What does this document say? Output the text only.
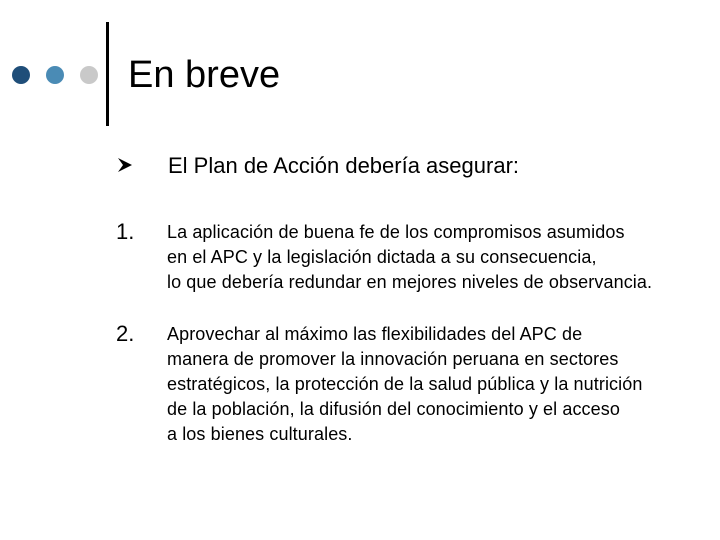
En breve
El Plan de Acción debería asegurar:
1. La aplicación de buena fe de los compromisos asumidos
en el APC y la legislación dictada a su consecuencia,
lo que debería redundar en mejores niveles de observancia.
2. Aprovechar al máximo las flexibilidades del APC de
manera de promover la innovación peruana en sectores
estratégicos, la protección de la salud pública y la nutrición
de la población, la difusión del conocimiento y el acceso
a los bienes culturales.
